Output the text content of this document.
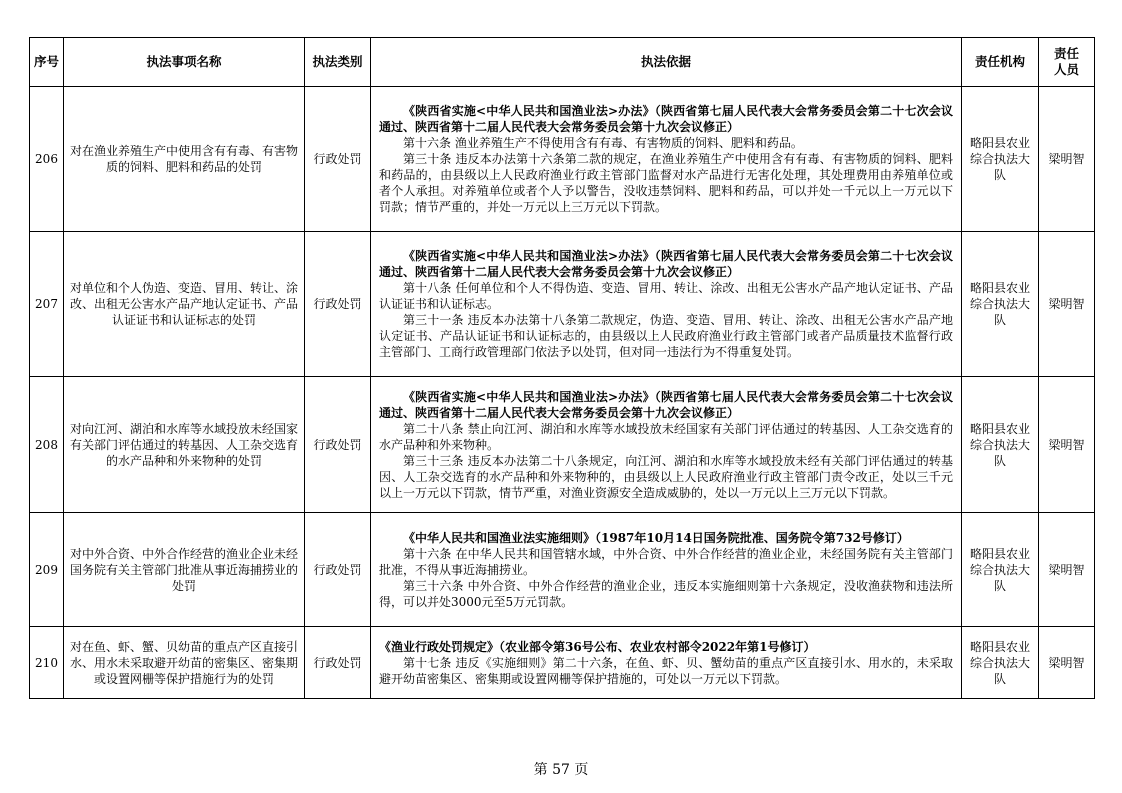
序号	执法事项名称	执法类别	执法依据	责任机构	责任人员
206	对在渔业养殖生产中使用含有有毒、有害物质的饲料、肥料和药品的处罚	行政处罚	《陕西省实施<中华人民共和国渔业法>办法》（陕西省第七届人民代表大会常务委员会第二十七次会议通过、陕西省第十二届人民代表大会常务委员会第十九次会议修正）
第十六条 渔业养殖生产不得使用含有有毒、有害物质的饲料、肥料和药品。
第三十条 违反本办法第十六条第二款的规定，在渔业养殖生产中使用含有有毒、有害物质的饲料、肥料和药品的，由县级以上人民政府渔业行政主管部门监督对水产品进行无害化处理，其处理费用由养殖单位或者个人承担。对养殖单位或者个人予以警告，没收违禁饲料、肥料和药品，可以并处一千元以上一万元以下罚款；情节严重的，并处一万元以上三万元以下罚款。	略阳县农业综合执法大队	梁明智
207	对单位和个人伪造、变造、冒用、转让、涂改、出租无公害水产品产地认定证书、产品认证证书和认证标志的处罚	行政处罚	《陕西省实施<中华人民共和国渔业法>办法》（陕西省第七届人民代表大会常务委员会第二十七次会议通过、陕西省第十二届人民代表大会常务委员会第十九次会议修正）
第十八条 任何单位和个人不得伪造、变造、冒用、转让、涂改、出租无公害水产品产地认定证书、产品认证证书和认证标志。
第三十一条 违反本办法第十八条第二款规定，伪造、变造、冒用、转让、涂改、出租无公害水产品产地认定证书、产品认证证书和认证标志的，由县级以上人民政府渔业行政主管部门或者产品质量技术监督行政主管部门、工商行政管理部门依法予以处罚，但对同一违法行为不得重复处罚。	略阳县农业综合执法大队	梁明智
208	对向江河、湖泊和水库等水域投放未经国家有关部门评估通过的转基因、人工杂交选育的水产品种和外来物种的处罚	行政处罚	《陕西省实施<中华人民共和国渔业法>办法》（陕西省第七届人民代表大会常务委员会第二十七次会议通过、陕西省第十二届人民代表大会常务委员会第十九次会议修正）
第二十八条 禁止向江河、湖泊和水库等水域投放未经国家有关部门评估通过的转基因、人工杂交选育的水产品种和外来物种。
第三十三条 违反本办法第二十八条规定，向江河、湖泊和水库等水域投放未经有关部门评估通过的转基因、人工杂交选育的水产品种和外来物种的，由县级以上人民政府渔业行政主管部门责令改正，处以三千元以上一万元以下罚款，情节严重，对渔业资源安全造成威胁的，处以一万元以上三万元以下罚款。	略阳县农业综合执法大队	梁明智
209	对中外合资、中外合作经营的渔业企业未经国务院有关主管部门批准从事近海捕捞业的处罚	行政处罚	《中华人民共和国渔业法实施细则》（1987年10月14日国务院批准、国务院令第732号修订）
第十六条 在中华人民共和国管辖水域，中外合资、中外合作经营的渔业企业，未经国务院有关主管部门批准，不得从事近海捕捞业。
第三十六条 中外合资、中外合作经营的渔业企业，违反本实施细则第十六条规定，没收渔获物和违法所得，可以并处3000元至5万元罚款。	略阳县农业综合执法大队	梁明智
210	对在鱼、虾、蟹、贝幼苗的重点产区直接引水、用水未采取避开幼苗的密集区、密集期或设置网栅等保护措施行为的处罚	行政处罚	《渔业行政处罚规定》（农业部令第36号公布、农业农村部令2022年第1号修订）
第十七条 违反《实施细则》第二十六条，在鱼、虾、贝、蟹幼苗的重点产区直接引水、用水的，未采取避开幼苗密集区、密集期或设置网栅等保护措施的，可处以一万元以下罚款。	略阳县农业综合执法大队	梁明智
第 57 页
